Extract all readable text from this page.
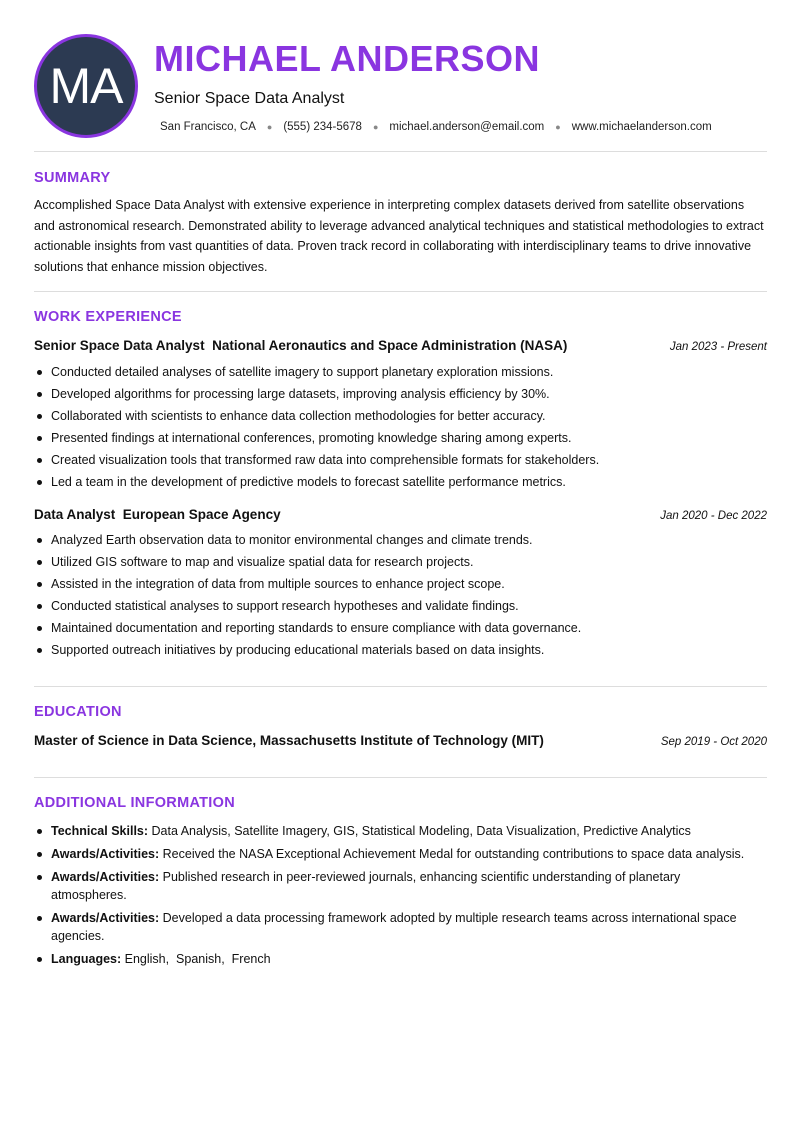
MA MICHAEL ANDERSON
Senior Space Data Analyst
San Francisco, CA ● (555) 234-5678 ● michael.anderson@email.com ● www.michaelanderson.com
SUMMARY

Accomplished Space Data Analyst with extensive experience in interpreting complex datasets derived from satellite observations and astronomical research. Demonstrated ability to leverage advanced analytical techniques and statistical methodologies to extract actionable insights from vast quantities of data. Proven track record in collaborating with interdisciplinary teams to drive innovative solutions that enhance mission objectives.

WORK EXPERIENCE
Senior Space Data Analyst  National Aeronautics and Space Administration (NASA)	Jan 2023 - Present
Conducted detailed analyses of satellite imagery to support planetary exploration missions.
Developed algorithms for processing large datasets, improving analysis efficiency by 30%.
Collaborated with scientists to enhance data collection methodologies for better accuracy.
Presented findings at international conferences, promoting knowledge sharing among experts.
Created visualization tools that transformed raw data into comprehensible formats for stakeholders.
Led a team in the development of predictive models to forecast satellite performance metrics.
Data Analyst  European Space Agency	Jan 2020 - Dec 2022
Analyzed Earth observation data to monitor environmental changes and climate trends.
Utilized GIS software to map and visualize spatial data for research projects.
Assisted in the integration of data from multiple sources to enhance project scope.
Conducted statistical analyses to support research hypotheses and validate findings.
Maintained documentation and reporting standards to ensure compliance with data governance.
Supported outreach initiatives by producing educational materials based on data insights.
EDUCATION
Master of Science in Data Science, Massachusetts Institute of Technology (MIT)	Sep 2019 - Oct 2020
ADDITIONAL INFORMATION
Technical Skills: Data Analysis, Satellite Imagery, GIS, Statistical Modeling, Data Visualization, Predictive Analytics
Awards/Activities: Received the NASA Exceptional Achievement Medal for outstanding contributions to space data analysis.
Awards/Activities: Published research in peer-reviewed journals, enhancing scientific understanding of planetary atmospheres.
Awards/Activities: Developed a data processing framework adopted by multiple research teams across international space agencies.
Languages: English,  Spanish,  French
